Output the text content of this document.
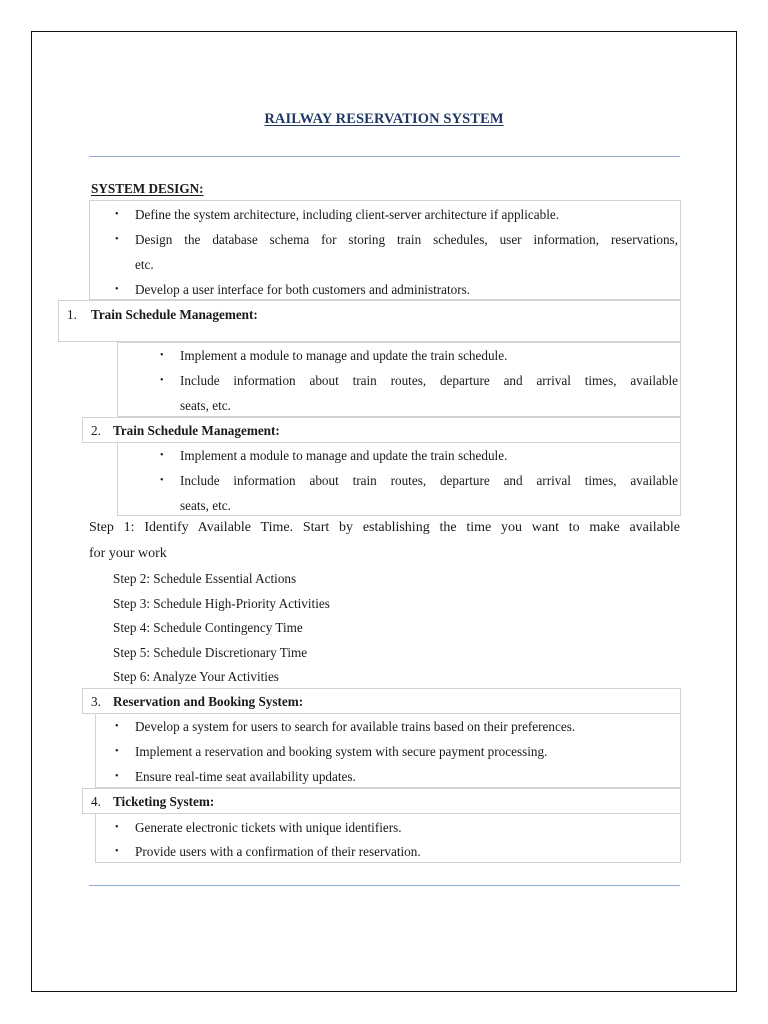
RAILWAY RESERVATION SYSTEM
SYSTEM DESIGN:
• Define the system architecture, including client-server architecture if applicable.
• Design the database schema for storing train schedules, user information, reservations,
etc.
• Develop a user interface for both customers and administrators.
1. Train Schedule Management:
• Implement a module to manage and update the train schedule.
• Include information about train routes, departure and arrival times, available
seats, etc.
2. Train Schedule Management:
• Implement a module to manage and update the train schedule.
• Include information about train routes, departure and arrival times, available
seats, etc.
Step 1: Identify Available Time. Start by establishing the time you want to make available
for your work
Step 2: Schedule Essential Actions
Step 3: Schedule High-Priority Activities
Step 4: Schedule Contingency Time
Step 5: Schedule Discretionary Time
Step 6: Analyze Your Activities
3. Reservation and Booking System:
• Develop a system for users to search for available trains based on their preferences.
• Implement a reservation and booking system with secure payment processing.
• Ensure real-time seat availability updates.
4. Ticketing System:
• Generate electronic tickets with unique identifiers.
• Provide users with a confirmation of their reservation.
